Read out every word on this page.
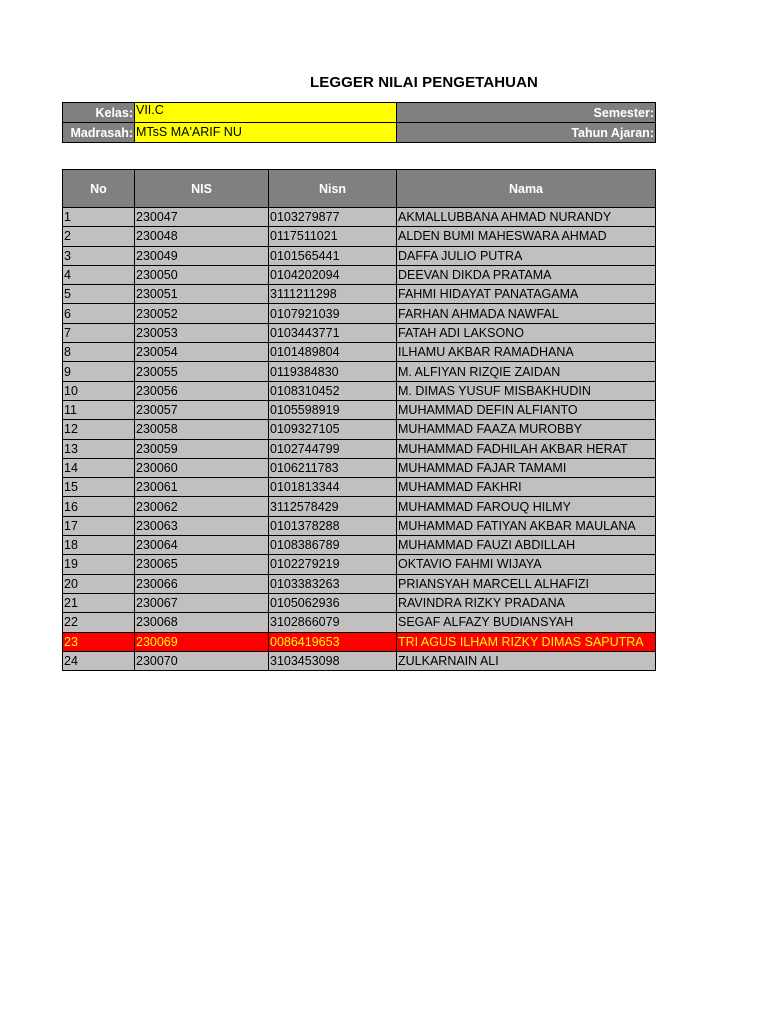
LEGGER NILAI PENGETAHUAN
Kelas:	VII.C	Semester:
Madrasah:	MTsS MA'ARIF NU	Tahun Ajaran:
No	NIS	Nisn	Nama
1	230047	0103279877	AKMALLUBBANA AHMAD NURANDY
2	230048	0117511021	ALDEN BUMI MAHESWARA AHMAD
3	230049	0101565441	DAFFA JULIO PUTRA
4	230050	0104202094	DEEVAN DIKDA PRATAMA
5	230051	3111211298	FAHMI HIDAYAT PANATAGAMA
6	230052	0107921039	FARHAN AHMADA NAWFAL
7	230053	0103443771	FATAH ADI LAKSONO
8	230054	0101489804	ILHAMU AKBAR RAMADHANA
9	230055	0119384830	M. ALFIYAN RIZQIE ZAIDAN
10	230056	0108310452	M. DIMAS YUSUF MISBAKHUDIN
11	230057	0105598919	MUHAMMAD DEFIN ALFIANTO
12	230058	0109327105	MUHAMMAD FAAZA MUROBBY
13	230059	0102744799	MUHAMMAD FADHILAH AKBAR HERAT
14	230060	0106211783	MUHAMMAD FAJAR TAMAMI
15	230061	0101813344	MUHAMMAD FAKHRI
16	230062	3112578429	MUHAMMAD FAROUQ HILMY
17	230063	0101378288	MUHAMMAD FATIYAN AKBAR MAULANA
18	230064	0108386789	MUHAMMAD FAUZI ABDILLAH
19	230065	0102279219	OKTAVIO FAHMI WIJAYA
20	230066	0103383263	PRIANSYAH MARCELL ALHAFIZI
21	230067	0105062936	RAVINDRA RIZKY PRADANA
22	230068	3102866079	SEGAF ALFAZY BUDIANSYAH
23	230069	0086419653	TRI AGUS ILHAM RIZKY DIMAS SAPUTRA
24	230070	3103453098	ZULKARNAIN ALI
